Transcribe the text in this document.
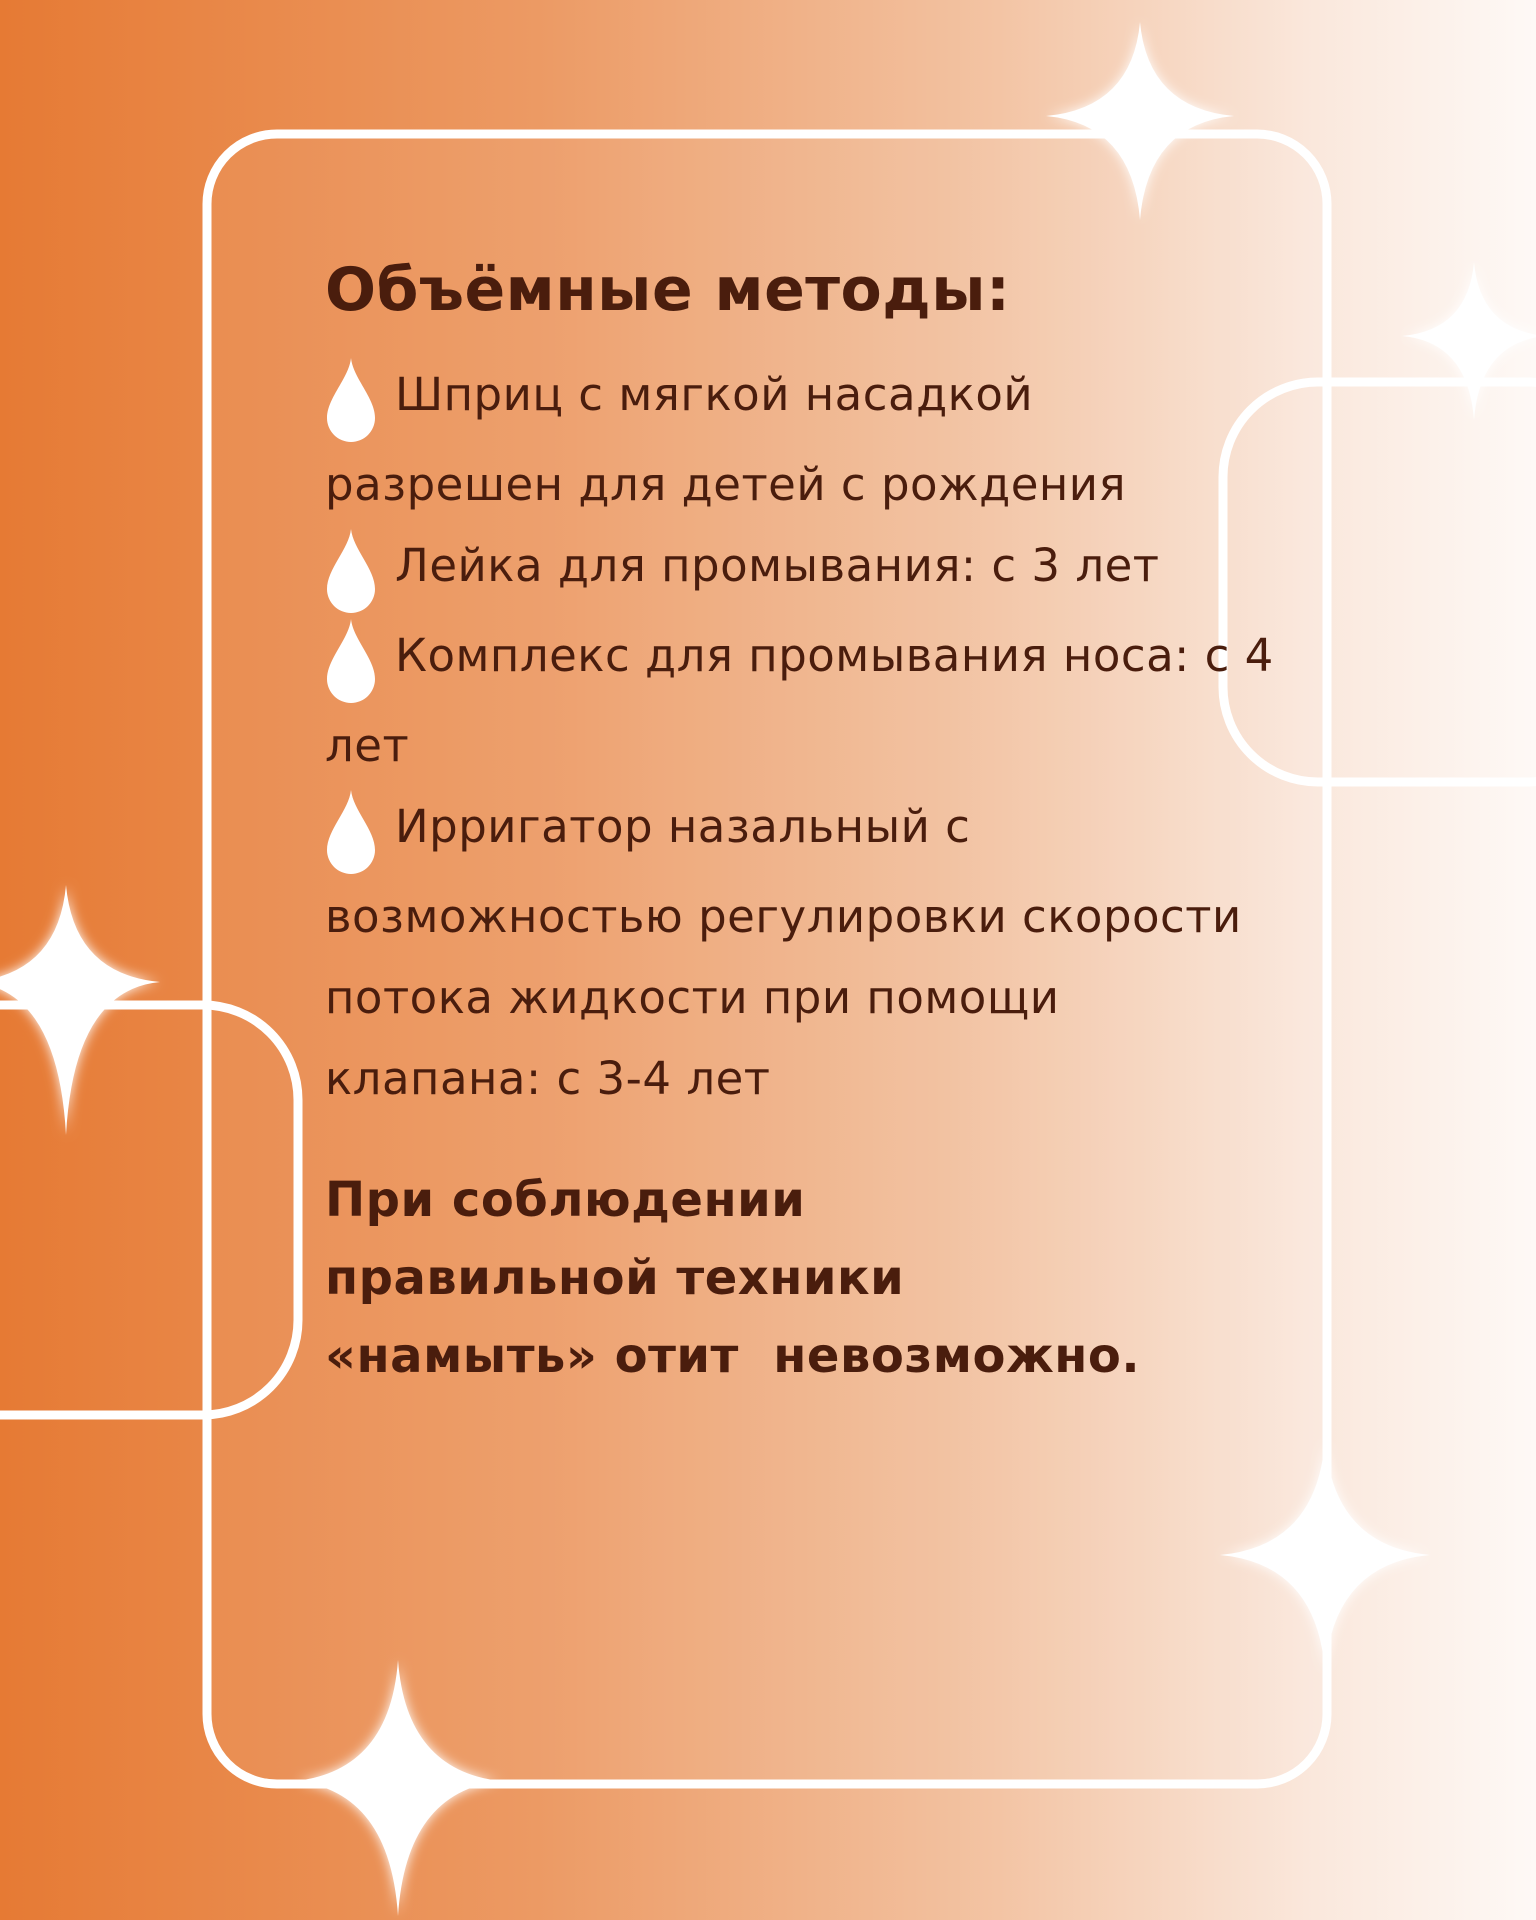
Объёмные методы:
Шприц с мягкой насадкой разрешен для детей с рождения
Лейка для промывания: с 3 лет
Комплекс для промывания носа: с 4 лет
Ирригатор назальный с возможностью регулировки скорости потока жидкости при помощи клапана: с 3-4 лет
При соблюдении
правильной техники
«намыть» отит  невозможно.
